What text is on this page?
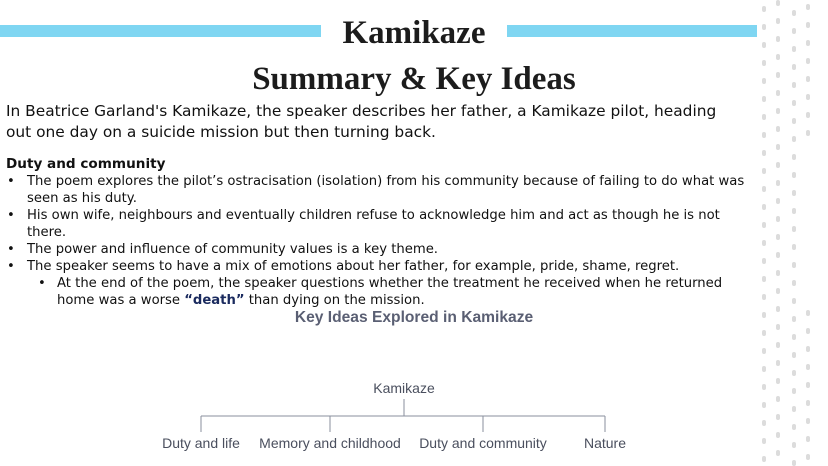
Kamikaze
Summary & Key Ideas
In Beatrice Garland's Kamikaze, the speaker describes her father, a Kamikaze pilot, heading out one day on a suicide mission but then turning back.
Duty and community
• The poem explores the pilot’s ostracisation (isolation) from his community because of failing to do what was seen as his duty.
• His own wife, neighbours and eventually children refuse to acknowledge him and act as though he is not there.
• The power and influence of community values is a key theme.
• The speaker seems to have a mix of emotions about her father, for example, pride, shame, regret.
• At the end of the poem, the speaker questions whether the treatment he received when he returned home was a worse “death” than dying on the mission.
Key Ideas Explored in Kamikaze
Kamikaze
Duty and life Memory and childhood Duty and community	Nature
